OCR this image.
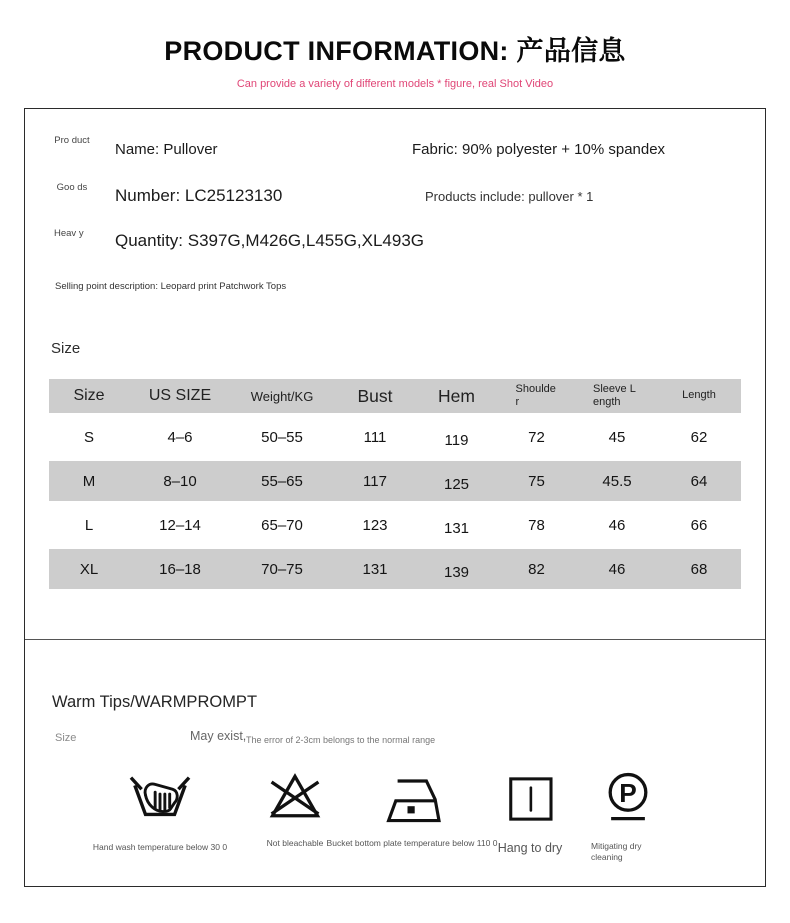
PRODUCT INFORMATION: 产品信息
Can provide a variety of different models * figure, real Shot Video
Pro duct
Name: Pullover	Fabric: 90% polyester + 10% spandex
Goo ds Number: LC25123130	Products include: pullover * 1
Heav y	Quantity: S397G,M426G,L455G,XL493G
Selling point description: Leopard print Patchwork Tops
Size
Size	US SIZE	Weight/KG	Bust	Hem	Shoulder	Sleeve Length	Length
S	4–6	50–55	111	119	72	45	62
M	8–10	55–65	117	125	75	45.5	64
L	12–14	65–70	123	131	78	46	66
XL	16–18	70–75	131	139	82	46	68
Warm Tips/WARMPROMPT
Size	May exist, The error of 2-3cm belongs to the normal range
Hand wash temperature below 30 0	Not bleachable Bucket bottom plate temperature below 110 0 Hang to dry
P
Mitigating dry cleaning
